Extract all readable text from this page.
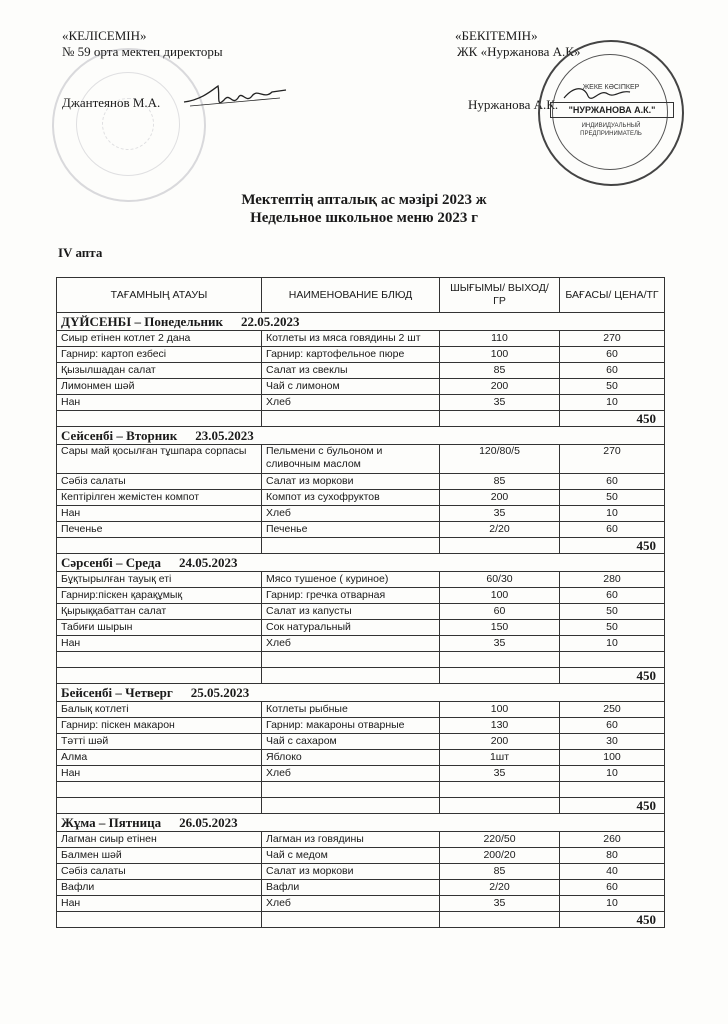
«КЕЛІСЕМІН»
№ 59 орта мектеп директоры
Джантеянов М.А.
«БЕКІТЕМІН»
ЖК «Нуржанова А.К»
Нуржанова А.К.
ЖЕКЕ КӘСІПКЕР
"НУРЖАНОВА А.К."
ИНДИВИДУАЛЬНЫЙ ПРЕДПРИНИМАТЕЛЬ
Мектептің апталық ас мәзірі 2023 ж
Недельное школьное меню 2023 г
IV апта
ТАҒАМНЫҢ АТАУЫ	НАИМЕНОВАНИЕ БЛЮД	ШЫҒЫМЫ/ ВЫХОД/ГР	БАҒАСЫ/ ЦЕНА/ТГ
ДҮЙСЕНБІ – Понедельник 22.05.2023			
Сиыр етінен котлет 2 дана	Котлеты из мяса говядины 2 шт	110	270
Гарнир: картоп езбесі	Гарнир: картофельное пюре	100	60
Қызылшадан салат	Салат из свеклы	85	60
Лимонмен шәй	Чай с лимоном	200	50
Нан	Хлеб	35	10
			450
Сейсенбі – Вторник 23.05.2023			
Сары май қосылған тұшпара сорпасы	Пельмени с бульоном и сливочным маслом	120/80/5	270
Сәбіз салаты	Салат из моркови	85	60
Кептірілген жемістен компот	Компот из сухофруктов	200	50
Нан	Хлеб	35	10
Печенье	Печенье	2/20	60
			450
Сәрсенбі – Среда 24.05.2023			
Бұқтырылған тауық еті	Мясо тушеное ( куриное)	60/30	280
Гарнир:піскен қарақұмық	Гарнир: гречка отварная	100	60
Қырыққабаттан салат	Салат из капусты	60	50
Табиғи шырын	Сок натуральный	150	50
Нан	Хлеб	35	10

			450
Бейсенбі – Четверг 25.05.2023			
Балық котлеті	Котлеты рыбные	100	250
Гарнир: піскен макарон	Гарнир: макароны отварные	130	60
Тәтті шәй	Чай с сахаром	200	30
Алма	Яблоко	1шт	100
Нан	Хлеб	35	10

			450
Жұма – Пятница 26.05.2023			
Лагман сиыр етінен	Лагман из говядины	220/50	260
Балмен шәй	Чай с медом	200/20	80
Сәбіз салаты	Салат из моркови	85	40
Вафли	Вафли	2/20	60
Нан	Хлеб	35	10
			450
